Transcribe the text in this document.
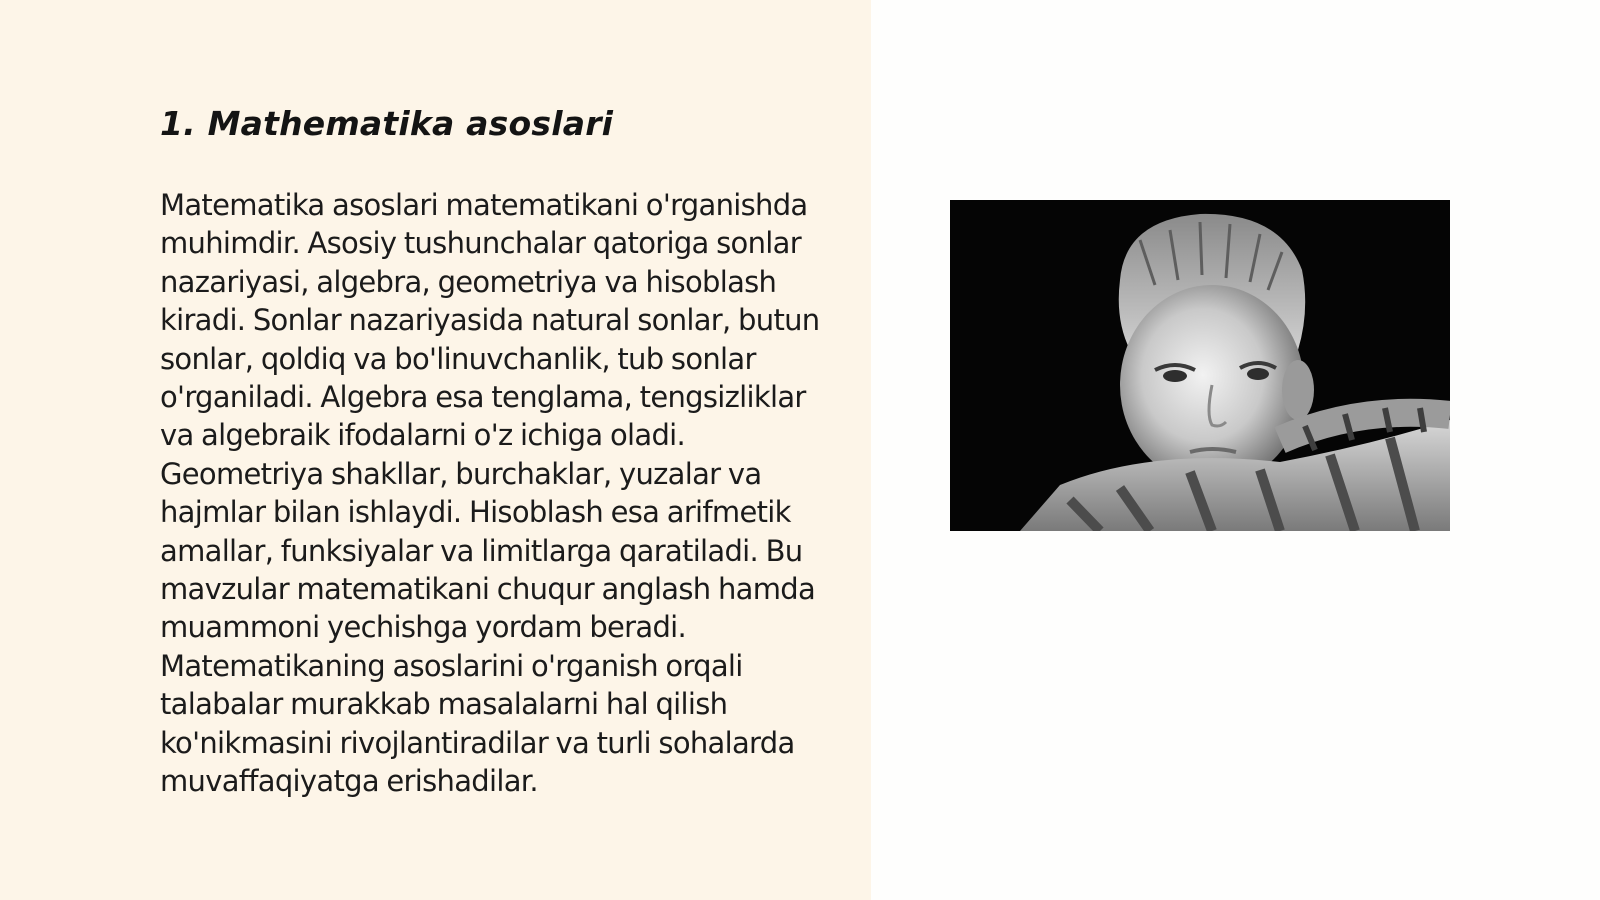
1. Mathematika asoslari

Matematika asoslari matematikani o'rganishda muhimdir. Asosiy tushunchalar qatoriga sonlar nazariyasi, algebra, geometriya va hisoblash kiradi. Sonlar nazariyasida natural sonlar, butun sonlar, qoldiq va bo'linuvchanlik, tub sonlar o'rganiladi. Algebra esa tenglama, tengsizliklar va algebraik ifodalarni o'z ichiga oladi. Geometriya shakllar, burchaklar, yuzalar va hajmlar bilan ishlaydi. Hisoblash esa arifmetik amallar, funksiyalar va limitlarga qaratiladi. Bu mavzular matematikani chuqur anglash hamda muammoni yechishga yordam beradi. Matematikaning asoslarini o'rganish orqali talabalar murakkab masalalarni hal qilish ko'nikmasini rivojlantiradilar va turli sohalarda muvaffaqiyatga erishadilar.
